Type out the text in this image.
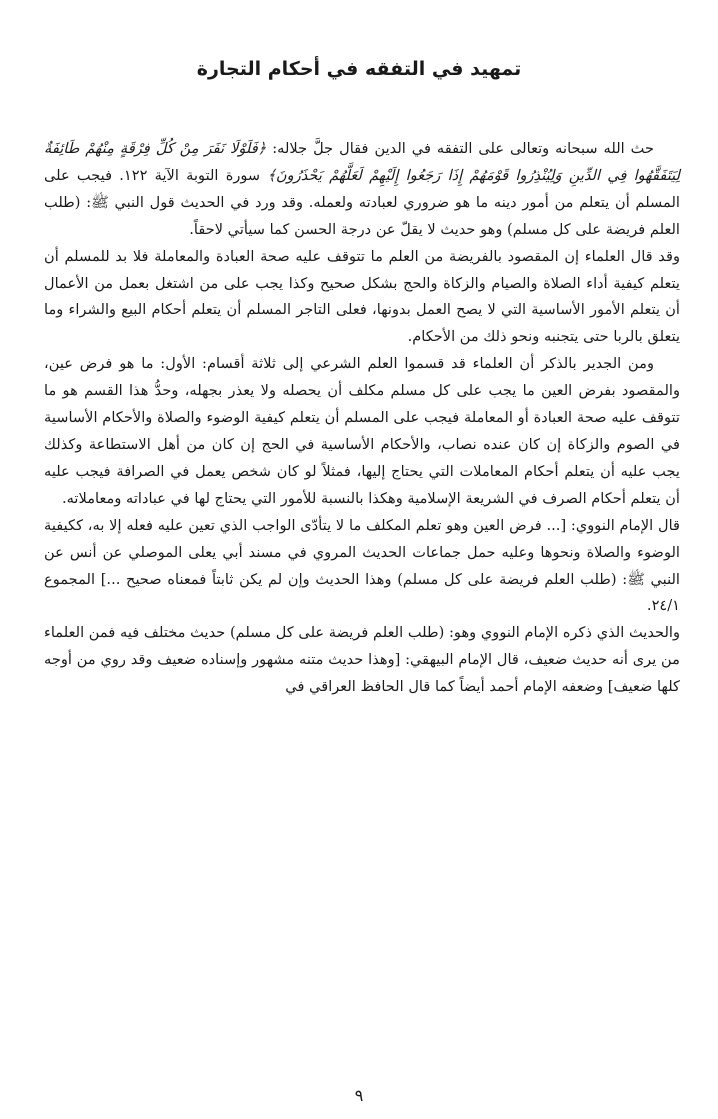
تمهيد في التفقه في أحكام التجارة

حث الله سبحانه وتعالى على التفقه في الدين فقال جلَّ جلاله: ﴿فَلَوْلَا نَفَرَ مِنْ كُلِّ فِرْقَةٍ مِنْهُمْ طَائِفَةٌ لِيَتَفَقَّهُوا فِي الدِّينِ وَلِيُنْذِرُوا قَوْمَهُمْ إِذَا رَجَعُوا إِلَيْهِمْ لَعَلَّهُمْ يَحْذَرُونَ﴾ سورة التوبة الآية ١٢٢. فيجب على المسلم أن يتعلم من أمور دينه ما هو ضروري لعبادته ولعمله. وقد ورد في الحديث قول النبي ﷺ: (طلب العلم فريضة على كل مسلم) وهو حديث لا يقلّ عن درجة الحسن كما سيأتي لاحقاً.

وقد قال العلماء إن المقصود بالفريضة من العلم ما تتوقف عليه صحة العبادة والمعاملة فلا بد للمسلم أن يتعلم كيفية أداء الصلاة والصيام والزكاة والحج بشكل صحيح وكذا يجب على من اشتغل بعمل من الأعمال أن يتعلم الأمور الأساسية التي لا يصح العمل بدونها، فعلى التاجر المسلم أن يتعلم أحكام البيع والشراء وما يتعلق بالربا حتى يتجنبه ونحو ذلك من الأحكام.

ومن الجدير بالذكر أن العلماء قد قسموا العلم الشرعي إلى ثلاثة أقسام: الأول: ما هو فرض عين، والمقصود بفرض العين ما يجب على كل مسلم مكلف أن يحصله ولا يعذر بجهله، وحدُّ هذا القسم هو ما تتوقف عليه صحة العبادة أو المعاملة فيجب على المسلم أن يتعلم كيفية الوضوء والصلاة والأحكام الأساسية في الصوم والزكاة إن كان عنده نصاب، والأحكام الأساسية في الحج إن كان من أهل الاستطاعة وكذلك يجب عليه أن يتعلم أحكام المعاملات التي يحتاج إليها، فمثلاً لو كان شخص يعمل في الصرافة فيجب عليه أن يتعلم أحكام الصرف في الشريعة الإسلامية وهكذا بالنسبة للأمور التي يحتاج لها في عباداته ومعاملاته.

قال الإمام النووي: [... فرض العين وهو تعلم المكلف ما لا يتأدّى الواجب الذي تعين عليه فعله إلا به، ككيفية الوضوء والصلاة ونحوها وعليه حمل جماعات الحديث المروي في مسند أبي يعلى الموصلي عن أنس عن النبي ﷺ: (طلب العلم فريضة على كل مسلم) وهذا الحديث وإن لم يكن ثابتاً فمعناه صحيح ...] المجموع ٢٤/١.

والحديث الذي ذكره الإمام النووي وهو: (طلب العلم فريضة على كل مسلم) حديث مختلف فيه فمن العلماء من يرى أنه حديث ضعيف، قال الإمام البيهقي: [وهذا حديث متنه مشهور وإسناده ضعيف وقد روي من أوجه كلها ضعيف] وضعفه الإمام أحمد أيضاً كما قال الحافظ العراقي في

٩
